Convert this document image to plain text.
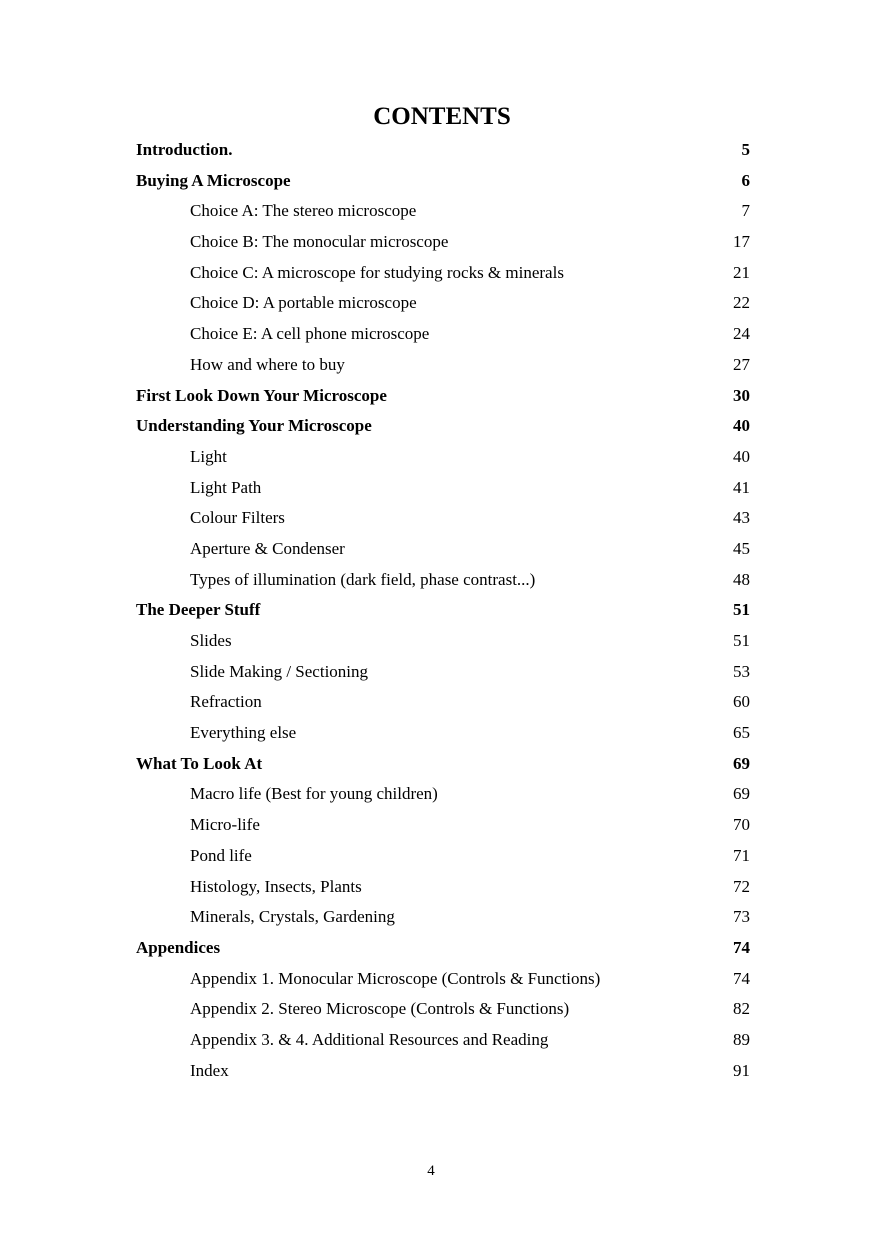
CONTENTS
Introduction.	5
Buying A Microscope	6
Choice A: The stereo microscope	7
Choice B: The monocular microscope	17
Choice C: A microscope for studying rocks & minerals	21
Choice D: A portable microscope	22
Choice E: A cell phone microscope	24
How and where to buy	27
First Look Down Your Microscope	30
Understanding Your Microscope	40
Light	40
Light Path	41
Colour Filters	43
Aperture & Condenser	45
Types of illumination (dark field, phase contrast...)	48
The Deeper Stuff	51
Slides	51
Slide Making / Sectioning	53
Refraction	60
Everything else	65
What To Look At	69
Macro life (Best for young children)	69
Micro-life	70
Pond life	71
Histology, Insects, Plants	72
Minerals, Crystals, Gardening	73
Appendices	74
Appendix 1. Monocular Microscope (Controls & Functions)	74
Appendix 2. Stereo Microscope (Controls & Functions)	82
Appendix 3. & 4. Additional Resources and Reading	89
Index	91
4
